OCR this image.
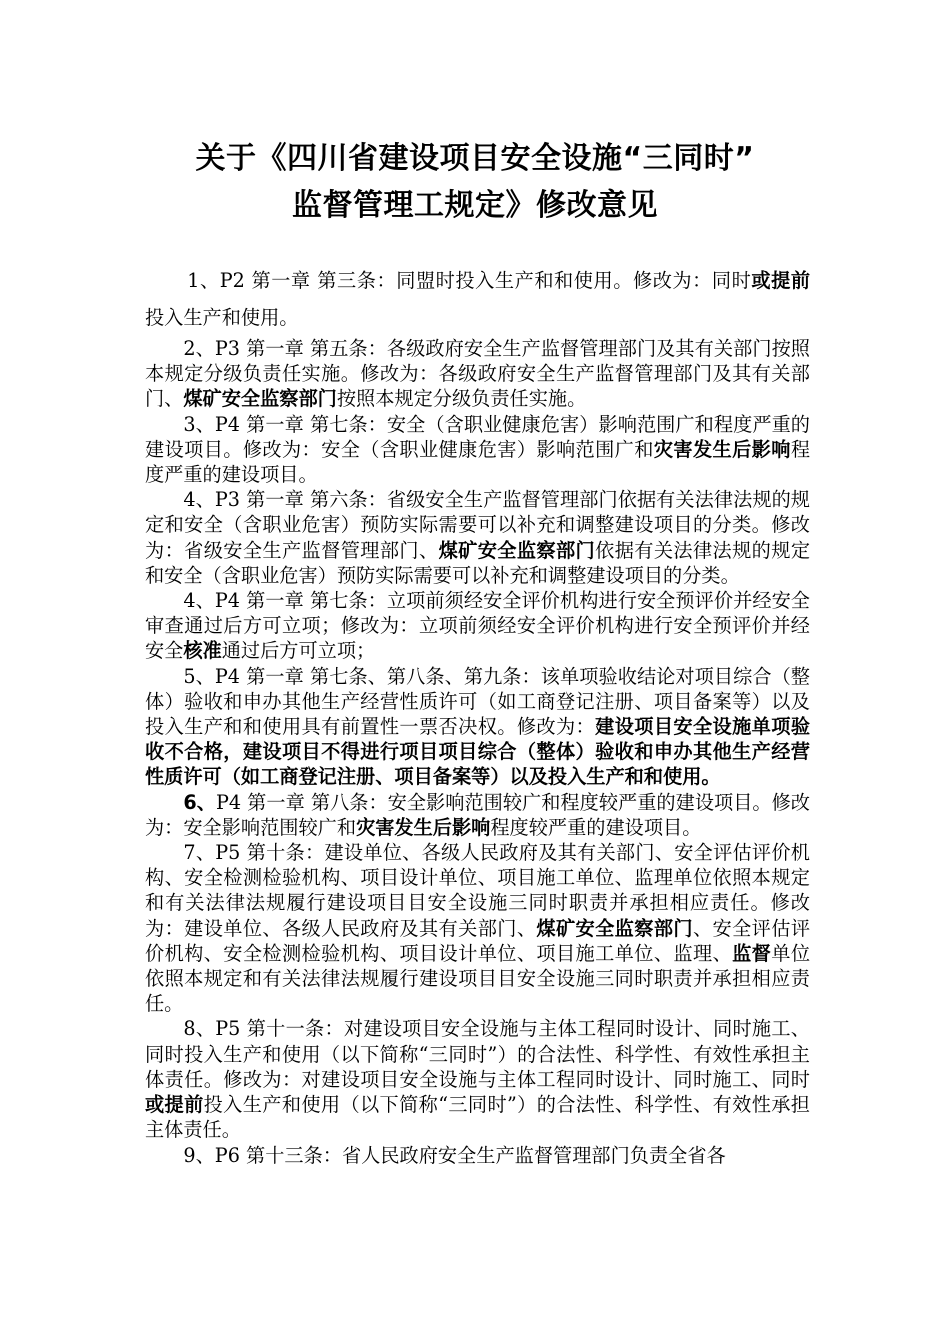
关于《四川省建设项目安全设施“三同时”
监督管理工规定》修改意见

1、P2 第一章 第三条：同盟时投入生产和和使用。修改为：同时或提前投入生产和使用。

2、P3 第一章 第五条：各级政府安全生产监督管理部门及其有关部门按照本规定分级负责任实施。修改为：各级政府安全生产监督管理部门及其有关部门、煤矿安全监察部门按照本规定分级负责任实施。

3、P4 第一章 第七条：安全（含职业健康危害）影响范围广和程度严重的建设项目。修改为：安全（含职业健康危害）影响范围广和灾害发生后影响程度严重的建设项目。

4、P3 第一章 第六条：省级安全生产监督管理部门依据有关法律法规的规定和安全（含职业危害）预防实际需要可以补充和调整建设项目的分类。修改为：省级安全生产监督管理部门、煤矿安全监察部门依据有关法律法规的规定和安全（含职业危害）预防实际需要可以补充和调整建设项目的分类。

4、P4 第一章 第七条：立项前须经安全评价机构进行安全预评价并经安全审查通过后方可立项；修改为：立项前须经安全评价机构进行安全预评价并经安全核准通过后方可立项；

5、P4 第一章 第七条、第八条、第九条：该单项验收结论对项目综合（整体）验收和申办其他生产经营性质许可（如工商登记注册、项目备案等）以及投入生产和和使用具有前置性一票否决权。修改为：建设项目安全设施单项验收不合格，建设项目不得进行项目项目综合（整体）验收和申办其他生产经营性质许可（如工商登记注册、项目备案等）以及投入生产和和使用。

6、P4 第一章 第八条：安全影响范围较广和程度较严重的建设项目。修改为：安全影响范围较广和灾害发生后影响程度较严重的建设项目。

7、P5 第十条：建设单位、各级人民政府及其有关部门、安全评估评价机构、安全检测检验机构、项目设计单位、项目施工单位、监理单位依照本规定和有关法律法规履行建设项目目安全设施三同时职责并承担相应责任。修改为：建设单位、各级人民政府及其有关部门、煤矿安全监察部门、安全评估评价机构、安全检测检验机构、项目设计单位、项目施工单位、监理、监督单位依照本规定和有关法律法规履行建设项目目安全设施三同时职责并承担相应责任。

8、P5 第十一条：对建设项目安全设施与主体工程同时设计、同时施工、同时投入生产和使用（以下简称“三同时”）的合法性、科学性、有效性承担主体责任。修改为：对建设项目安全设施与主体工程同时设计、同时施工、同时或提前投入生产和使用（以下简称“三同时”）的合法性、科学性、有效性承担主体责任。

9、P6 第十三条：省人民政府安全生产监督管理部门负责全省各
